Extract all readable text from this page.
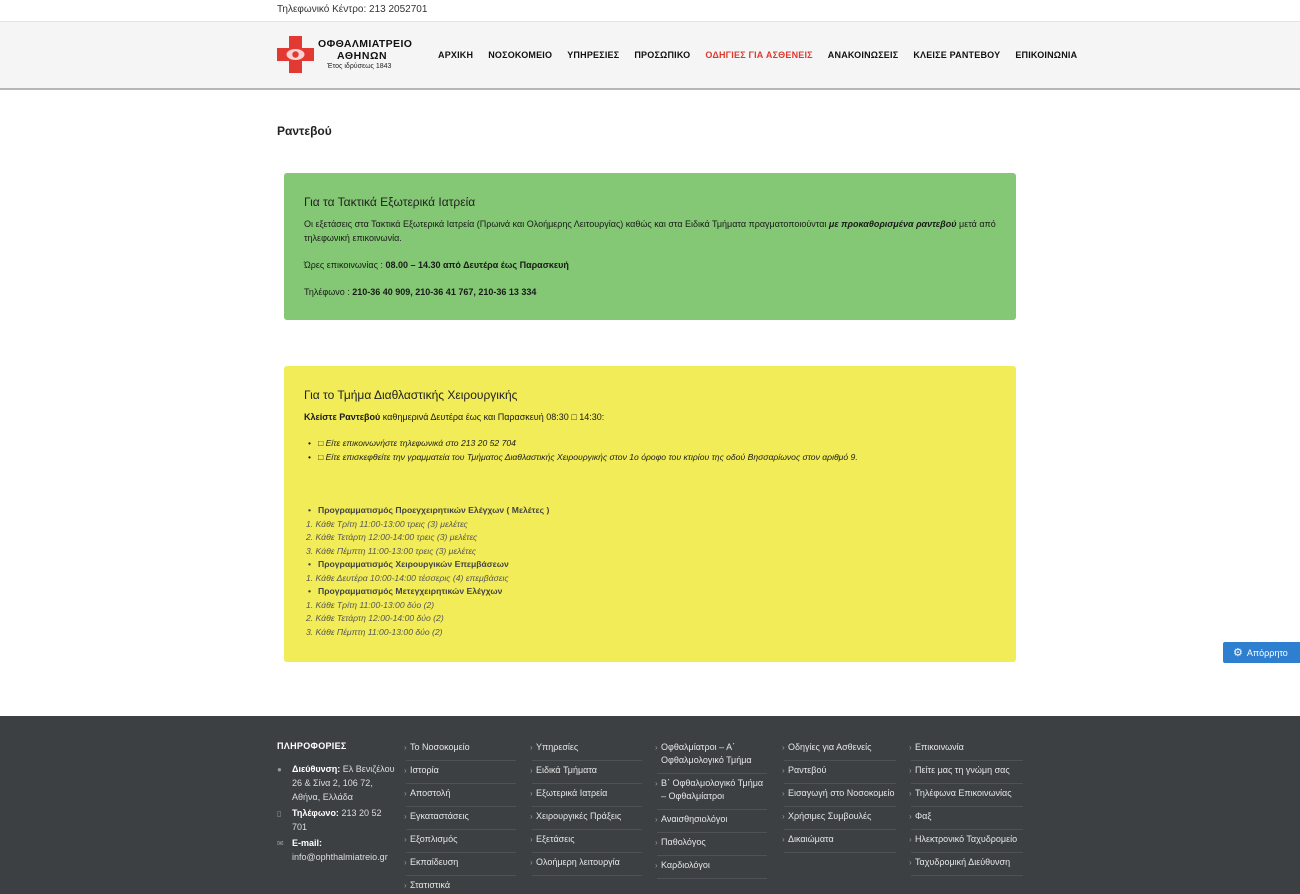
Τηλεφωνικό Κέντρο: 213 2052701
ΟΦΘΑΛΜΙΑΤΡΕΙΟ
ΑΘΗΝΩΝ
Έτος ιδρύσεως 1843
ΑΡΧΙΚΗ ΝΟΣΟΚΟΜΕΙΟ ΥΠΗΡΕΣΙΕΣ ΠΡΟΣΩΠΙΚΟ ΟΔΗΓΙΕΣ ΓΙΑ ΑΣΘΕΝΕΙΣ ΑΝΑΚΟΙΝΩΣΕΙΣ ΚΛΕΙΣΕ ΡΑΝΤΕΒΟΥ ΕΠΙΚΟΙΝΩΝΙΑ
Ραντεβού
Για τα Τακτικά Εξωτερικά Ιατρεία

Οι εξετάσεις στα Τακτικά Εξωτερικά Ιατρεία (Πρωινά και Ολοήμερης Λειτουργίας) καθώς και στα Ειδικά Τμήματα πραγματοποιούνται με προκαθορισμένα ραντεβού μετά από τηλεφωνική επικοινωνία.

Ώρες επικοινωνίας : 08.00 – 14.30 από Δευτέρα έως Παρασκευή

Τηλέφωνο : 210-36 40 909, 210-36 41 767, 210-36 13 334

Για το Τμήμα Διαθλαστικής Χειρουργικής

Κλείστε Ραντεβού καθημερινά Δευτέρα έως και Παρασκευή 08:30 □ 14:30:

• □ Είτε επικοινωνήστε τηλεφωνικά στο 213 20 52 704
• □ Είτε επισκεφθείτε την γραμματεία του Τμήματος Διαθλαστικής Χειρουργικής στον 1ο όροφο του κτιρίου της οδού Βησσαρίωνος στον αριθμό 9.
• Προγραμματισμός Προεγχειρητικών Ελέγχων ( Μελέτες )
1. Κάθε Τρίτη 11:00-13:00 τρεις (3) μελέτες
2. Κάθε Τετάρτη 12:00-14:00 τρεις (3) μελέτες
3. Κάθε Πέμπτη 11:00-13:00 τρεις (3) μελέτες
• Προγραμματισμός Χειρουργικών Επεμβάσεων
1. Κάθε Δευτέρα 10:00-14:00 τέσσερις (4) επεμβάσεις
• Προγραμματισμός Μετεγχειρητικών Ελέγχων
1. Κάθε Τρίτη 11:00-13:00 δύο (2)
2. Κάθε Τετάρτη 12:00-14:00 δύο (2)
3. Κάθε Πέμπτη 11:00-13:00 δύο (2)
⚙ Απόρρητο
ΠΛΗΡΟΦΟΡΙΕΣ
● Διεύθυνση: Ελ Βενιζέλου 26 & Σίνα 2, 106 72, Αθήνα, Ελλάδα
▯ Τηλέφωνο: 213 20 52 701
✉ E-mail:
info@ophthalmiatreio.gr
› Το Νοσοκομείο
› Ιστορία
› Αποστολή
› Εγκαταστάσεις
› Εξοπλισμός
› Εκπαίδευση
› Στατιστικά
› Υπηρεσίες
› Ειδικά Τμήματα
› Εξωτερικά Ιατρεία
› Χειρουργικές Πράξεις
› Εξετάσεις
› Ολοήμερη λειτουργία
› Οφθαλμίατροι – Α΄ Οφθαλμολογικό Τμήμα
› Β΄ Οφθαλμολογικό Τμήμα – Οφθαλμίατροι
› Αναισθησιολόγοι
› Παθολόγος
› Καρδιολόγοι
› Οδηγίες για Ασθενείς
› Ραντεβού
› Εισαγωγή στο Νοσοκομείο
› Χρήσιμες Συμβουλές
› Δικαιώματα
› Επικοινωνία
› Πείτε μας τη γνώμη σας
› Τηλέφωνα Επικοινωνίας
› Φαξ
› Ηλεκτρονικό Ταχυδρομείο
› Ταχυδρομική Διεύθυνση
